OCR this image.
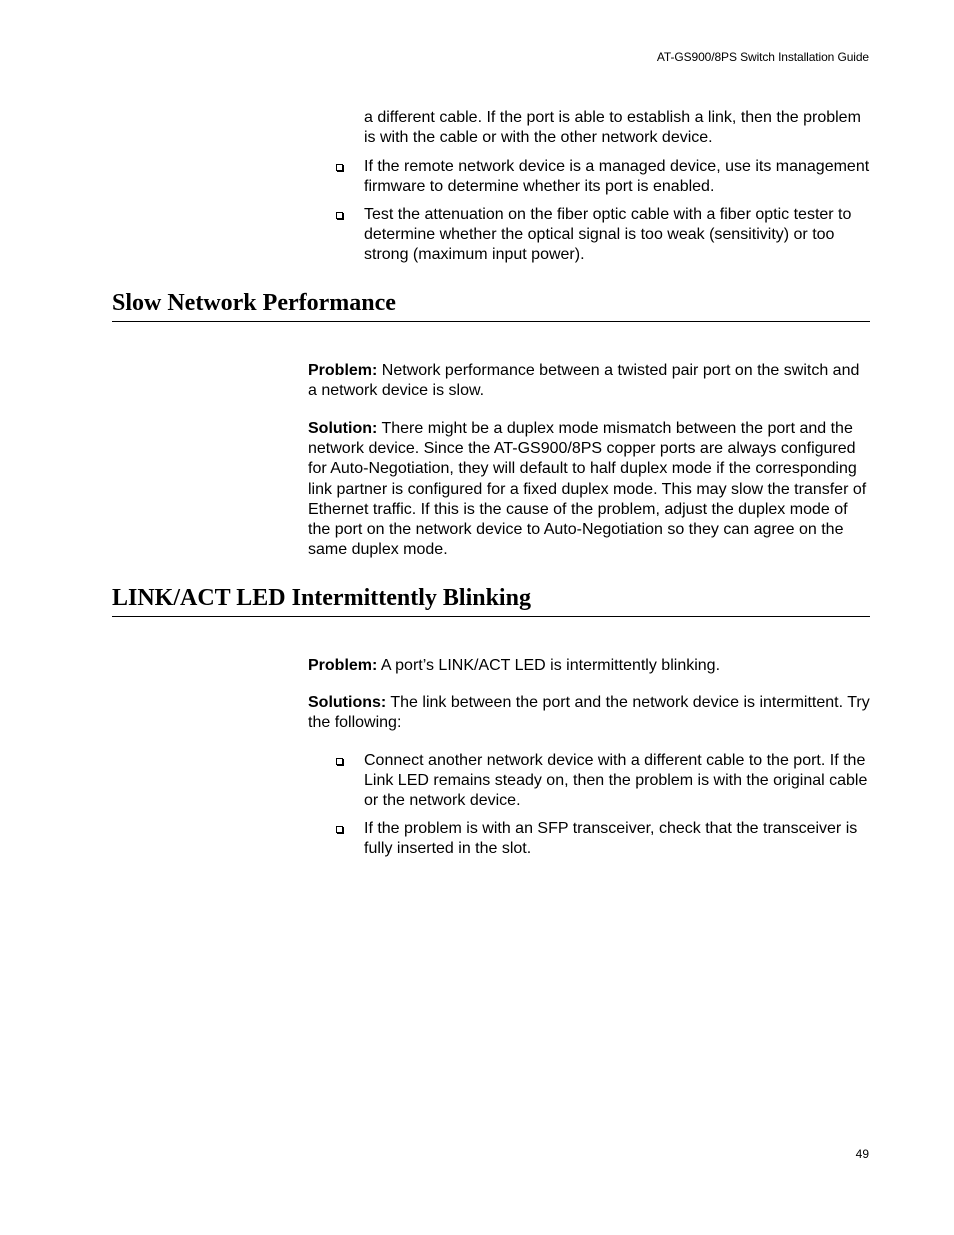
AT-GS900/8PS Switch Installation Guide

a different cable. If the port is able to establish a link, then the problem is with the cable or with the other network device.

If the remote network device is a managed device, use its management firmware to determine whether its port is enabled.
Test the attenuation on the fiber optic cable with a fiber optic tester to determine whether the optical signal is too weak (sensitivity) or too strong (maximum input power).
Slow Network Performance

Problem: Network performance between a twisted pair port on the switch and a network device is slow.

Solution: There might be a duplex mode mismatch between the port and the network device. Since the AT-GS900/8PS copper ports are always configured for Auto-Negotiation, they will default to half duplex mode if the corresponding link partner is configured for a fixed duplex mode. This may slow the transfer of Ethernet traffic. If this is the cause of the problem, adjust the duplex mode of the port on the network device to Auto-Negotiation so they can agree on the same duplex mode.

LINK/ACT LED Intermittently Blinking

Problem: A port’s LINK/ACT LED is intermittently blinking.

Solutions: The link between the port and the network device is intermittent. Try the following:

Connect another network device with a different cable to the port. If the Link LED remains steady on, then the problem is with the original cable or the network device.
If the problem is with an SFP transceiver, check that the transceiver is fully inserted in the slot.
49
